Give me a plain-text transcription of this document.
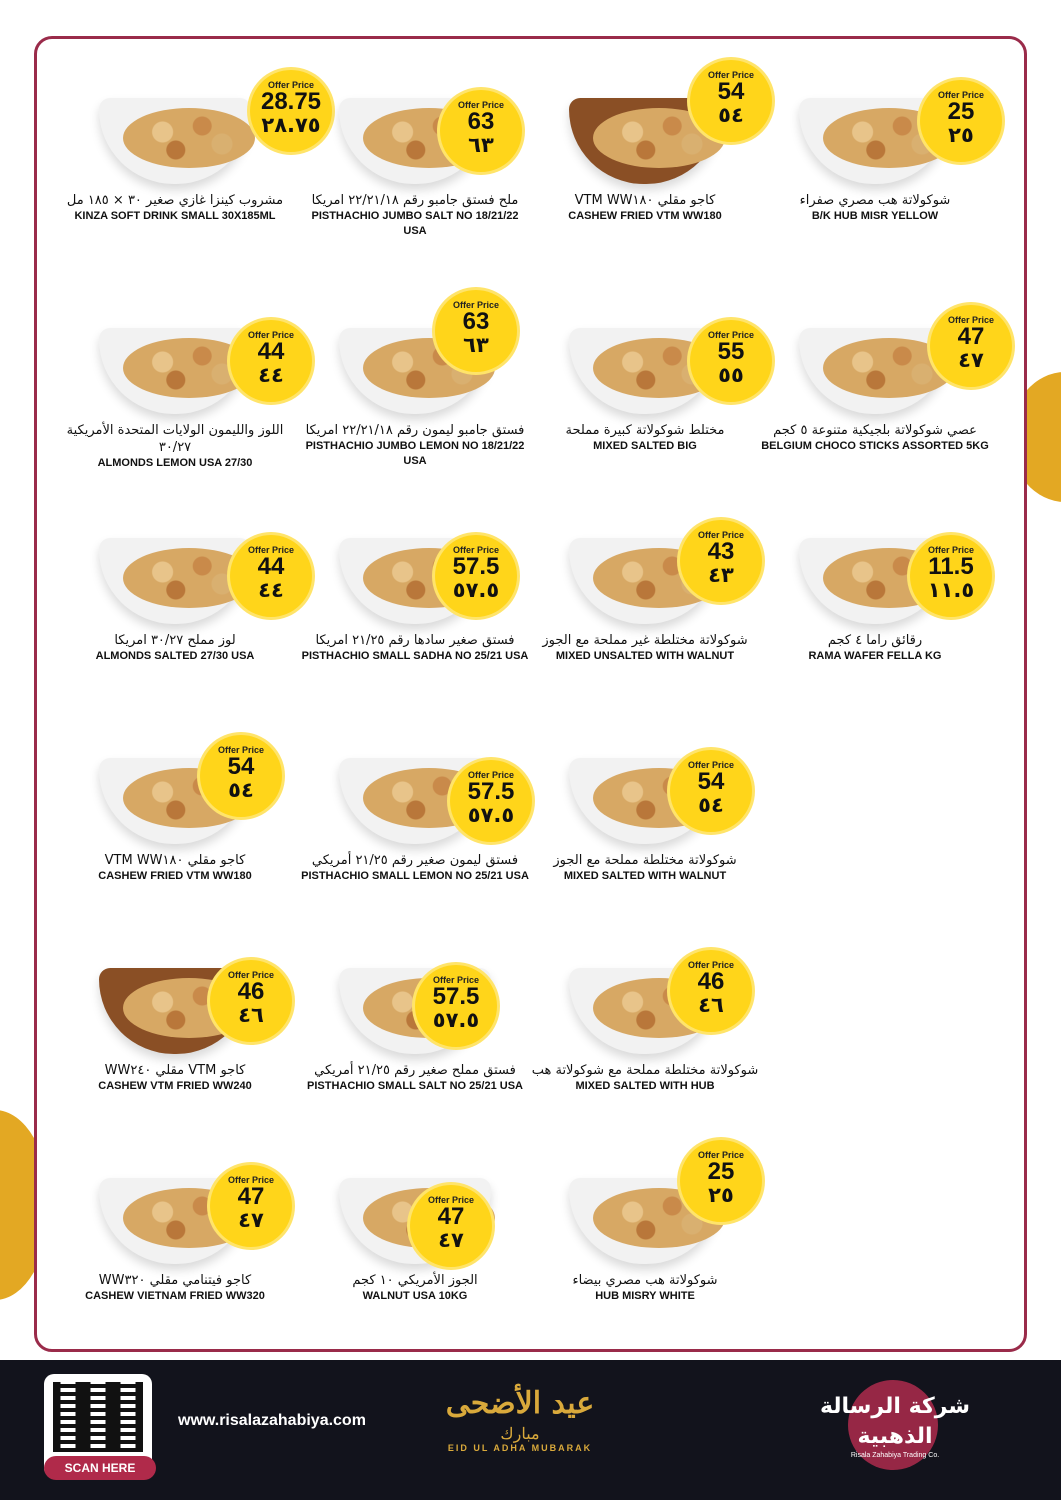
Offer Price
28.75
٢٨.٧٥
مشروب كينزا غازي صغير ٣٠ × ١٨٥ مل
KINZA SOFT DRINK SMALL 30X185ML
Offer Price
63
٦٣
ملح فستق جامبو رقم ٢٢/٢١/١٨ امريكا
PISTHACHIO JUMBO SALT NO 18/21/22 USA
Offer Price
54
٥٤
كاجو مقلي VTM WW١٨٠
CASHEW FRIED VTM WW180
Offer Price
25
٢٥
شوكولاتة هب مصري صفراء
B/K HUB MISR YELLOW
Offer Price
44
٤٤
اللوز والليمون الولايات المتحدة الأمريكية ٣٠/٢٧
ALMONDS LEMON USA 27/30
Offer Price
63
٦٣
فستق جامبو ليمون رقم ٢٢/٢١/١٨ امريكا
PISTHACHIO JUMBO LEMON NO 18/21/22 USA
Offer Price
55
٥٥
مختلط شوكولاتة كبيرة مملحة
MIXED SALTED BIG
Offer Price
47
٤٧
عصي شوكولاتة بلجيكية متنوعة ٥ كجم
BELGIUM CHOCO STICKS ASSORTED 5KG
Offer Price
44
٤٤
لوز مملح ٣٠/٢٧ امريكا
ALMONDS SALTED 27/30 USA
Offer Price
57.5
٥٧.٥
فستق صغير سادها رقم ٢١/٢٥ امريكا
PISTHACHIO SMALL SADHA NO 25/21 USA
Offer Price
43
٤٣
شوكولاتة مختلطة غير مملحة مع الجوز
MIXED UNSALTED WITH WALNUT
Offer Price
11.5
١١.٥
رقائق راما ٤ كجم
RAMA WAFER FELLA KG
Offer Price
54
٥٤
كاجو مقلي VTM WW١٨٠
CASHEW FRIED VTM WW180
Offer Price
57.5
٥٧.٥
فستق ليمون صغير رقم ٢١/٢٥ أمريكي
PISTHACHIO SMALL LEMON NO 25/21 USA
Offer Price
54
٥٤
شوكولاتة مختلطة مملحة مع الجوز
MIXED SALTED WITH WALNUT
Offer Price
46
٤٦
كاجو VTM مقلي WW٢٤٠
CASHEW VTM FRIED WW240
Offer Price
57.5
٥٧.٥
فستق مملح صغير رقم ٢١/٢٥ أمريكي
PISTHACHIO SMALL SALT NO 25/21 USA
Offer Price
46
٤٦
شوكولاتة مختلطة مملحة مع شوكولاتة هب
MIXED SALTED WITH HUB
Offer Price
47
٤٧
كاجو فيتنامي مقلي WW٣٢٠
CASHEW VIETNAM FRIED WW320
Offer Price
47
٤٧
الجوز الأمريكي ١٠ كجم
WALNUT USA 10KG
Offer Price
25
٢٥
شوكولاتة هب مصري بيضاء
HUB MISRY WHITE
SCAN HERE
www.risalazahabiya.com	عيد الأضحى
مبارك
EID UL ADHA MUBARAK
شركة الرسالة الذهبية
Risala Zahabiya Trading Co.
